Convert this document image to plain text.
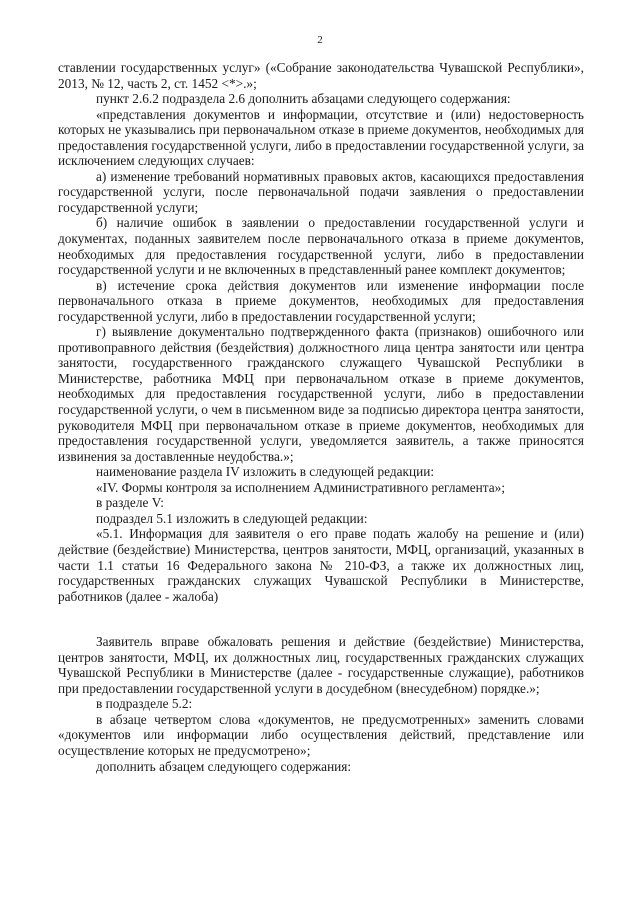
2

ставлении государственных услуг» («Собрание законодательства Чувашской Республики», 2013, № 12, часть 2, ст. 1452 <*>.»;

пункт 2.6.2 подраздела 2.6 дополнить абзацами следующего содержания:

«представления документов и информации, отсутствие и (или) недостоверность которых не указывались при первоначальном отказе в приеме документов, необходимых для предоставления государственной услуги, либо в предоставлении государственной услуги, за исключением следующих случаев:

а) изменение требований нормативных правовых актов, касающихся предоставления государственной услуги, после первоначальной подачи заявления о предоставлении государственной услуги;

б) наличие ошибок в заявлении о предоставлении государственной услуги и документах, поданных заявителем после первоначального отказа в приеме документов, необходимых для предоставления государственной услуги, либо в предоставлении государственной услуги и не включенных в представленный ранее комплект документов;

в) истечение срока действия документов или изменение информации после первоначального отказа в приеме документов, необходимых для предоставления государственной услуги, либо в предоставлении государственной услуги;

г) выявление документально подтвержденного факта (признаков) ошибочного или противоправного действия (бездействия) должностного лица центра занятости или центра занятости, государственного гражданского служащего Чувашской Республики в Министерстве, работника МФЦ при первоначальном отказе в приеме документов, необходимых для предоставления государственной услуги, либо в предоставлении государственной услуги, о чем в письменном виде за подписью директора центра занятости, руководителя МФЦ при первоначальном отказе в приеме документов, необходимых для предоставления государственной услуги, уведомляется заявитель, а также приносятся извинения за доставленные неудобства.»;

наименование раздела IV изложить в следующей редакции:

«IV. Формы контроля за исполнением Административного регламента»;

в разделе V:

подраздел 5.1 изложить в следующей редакции:

«5.1. Информация для заявителя о его праве подать жалобу на решение и (или) действие (бездействие) Министерства, центров занятости, МФЦ, организаций, указанных в части 1.1 статьи 16 Федерального закона № 210-ФЗ, а также их должностных лиц, государственных гражданских служащих Чувашской Республики в Министерстве, работников (далее - жалоба)

Заявитель вправе обжаловать решения и действие (бездействие) Министерства, центров занятости, МФЦ, их должностных лиц, государственных гражданских служащих Чувашской Республики в Министерстве (далее - государственные служащие), работников при предоставлении государственной услуги в досудебном (внесудебном) порядке.»;

в подразделе 5.2:

в абзаце четвертом слова «документов, не предусмотренных» заменить словами «документов или информации либо осуществления действий, представление или осуществление которых не предусмотрено»;

дополнить абзацем следующего содержания:
